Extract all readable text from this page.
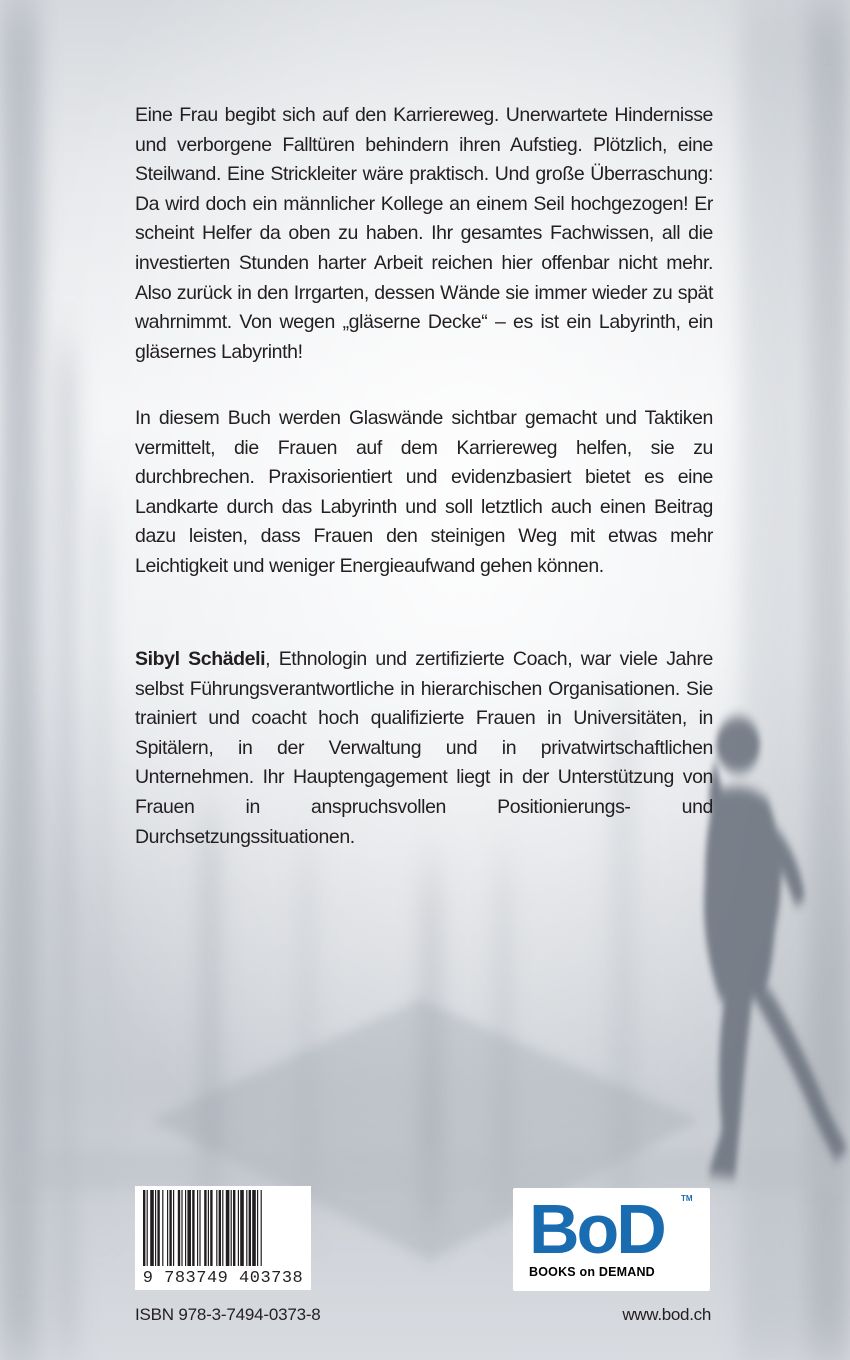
Eine Frau begibt sich auf den Karriereweg. Unerwartete Hindernisse und verborgene Falltüren behindern ihren Aufstieg. Plötzlich, eine Steilwand. Eine Strickleiter wäre praktisch. Und große Überraschung: Da wird doch ein männlicher Kollege an einem Seil hochgezogen! Er scheint Helfer da oben zu haben. Ihr gesamtes Fachwissen, all die investierten Stunden harter Arbeit reichen hier offenbar nicht mehr. Also zurück in den Irrgarten, dessen Wände sie immer wieder zu spät wahrnimmt. Von wegen „gläserne Decke“ – es ist ein Labyrinth, ein gläsernes Labyrinth!

In diesem Buch werden Glaswände sichtbar gemacht und Taktiken vermittelt, die Frauen auf dem Karriereweg helfen, sie zu durchbrechen. Praxisorientiert und evidenzbasiert bietet es eine Landkarte durch das Labyrinth und soll letztlich auch einen Beitrag dazu leisten, dass Frauen den steinigen Weg mit etwas mehr Leichtigkeit und weniger Energieaufwand gehen können.

Sibyl Schädeli, Ethnologin und zertifizierte Coach, war viele Jahre selbst Führungsverantwortliche in hierarchischen Organisationen. Sie trainiert und coacht hoch qualifizierte Frauen in Universitäten, in Spitälern, in der Verwaltung und in privatwirtschaftlichen Unternehmen. Ihr Hauptengagement liegt in der Unterstützung von Frauen in anspruchsvollen Positionierungs- und Durchsetzungssituationen.

9 783749 403738
ISBN 978-3-7494-0373-8
BoD TM
BOOKS on DEMAND
www.bod.ch
